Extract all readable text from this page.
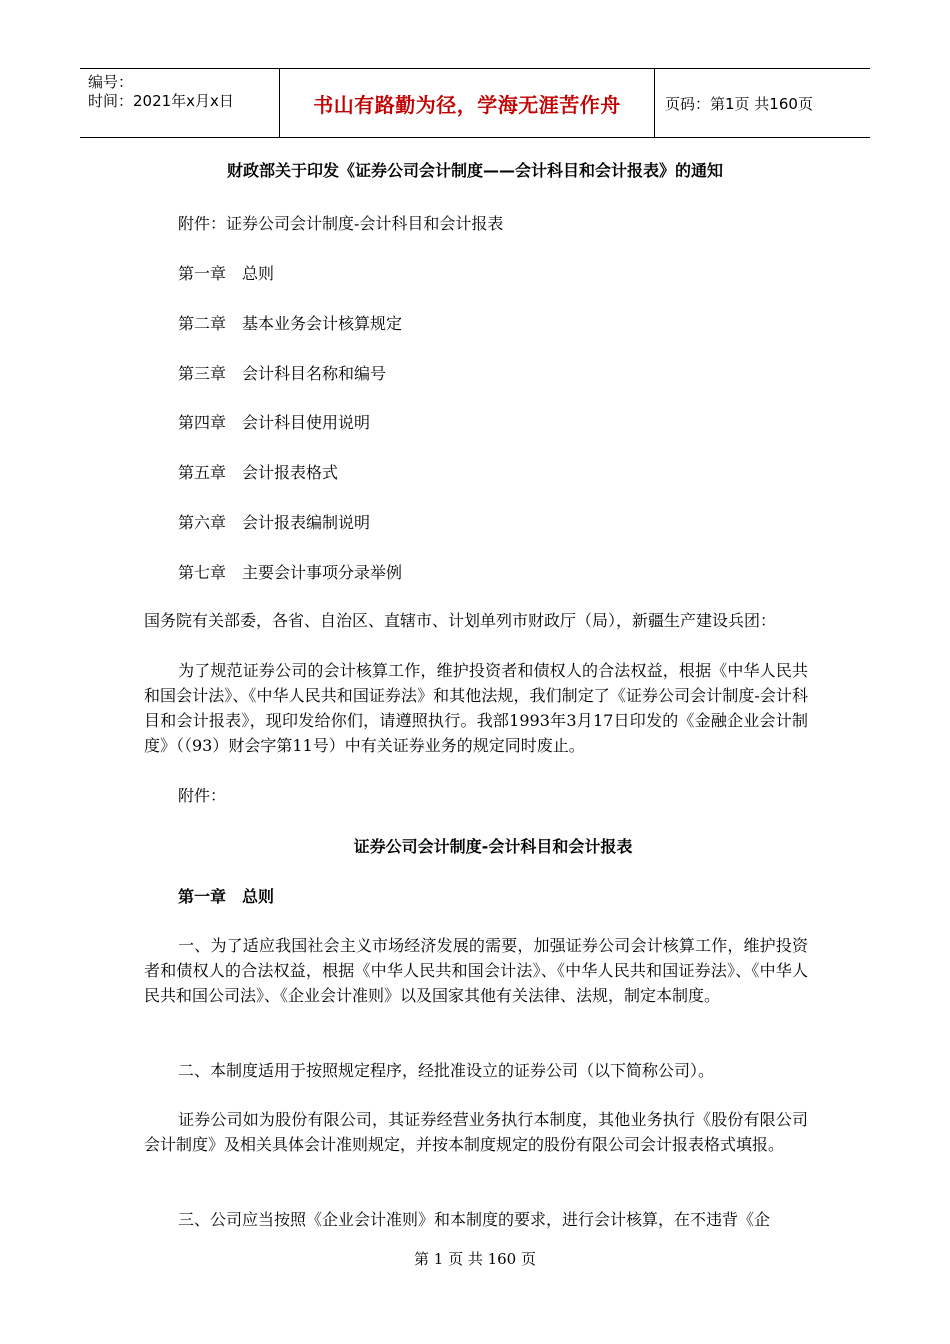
编号：
时间：2021年x月x日	书山有路勤为径，学海无涯苦作舟	页码：第1页 共160页
财政部关于印发《证券公司会计制度——会计科目和会计报表》的通知
附件：证券公司会计制度-会计科目和会计报表
第一章 总则
第二章 基本业务会计核算规定
第三章 会计科目名称和编号
第四章 会计科目使用说明
第五章 会计报表格式
第六章 会计报表编制说明
第七章 主要会计事项分录举例
国务院有关部委，各省、自治区、直辖市、计划单列市财政厅（局），新疆生产建设兵团：
为了规范证券公司的会计核算工作，维护投资者和债权人的合法权益，根据《中华人民共和国会计法》、《中华人民共和国证券法》和其他法规，我们制定了《证券公司会计制度-会计科目和会计报表》，现印发给你们，请遵照执行。我部1993年3月17日印发的《金融企业会计制度》（（93）财会字第11号）中有关证券业务的规定同时废止。
附件：
证券公司会计制度-会计科目和会计报表
第一章 总则
一、为了适应我国社会主义市场经济发展的需要，加强证券公司会计核算工作，维护投资者和债权人的合法权益，根据《中华人民共和国会计法》、《中华人民共和国证券法》、《中华人民共和国公司法》、《企业会计准则》以及国家其他有关法律、法规，制定本制度。
二、本制度适用于按照规定程序，经批准设立的证券公司（以下简称公司）。
证券公司如为股份有限公司，其证券经营业务执行本制度，其他业务执行《股份有限公司会计制度》及相关具体会计准则规定，并按本制度规定的股份有限公司会计报表格式填报。
三、公司应当按照《企业会计准则》和本制度的要求，进行会计核算，在不违背《企
第 1 页 共 160 页
